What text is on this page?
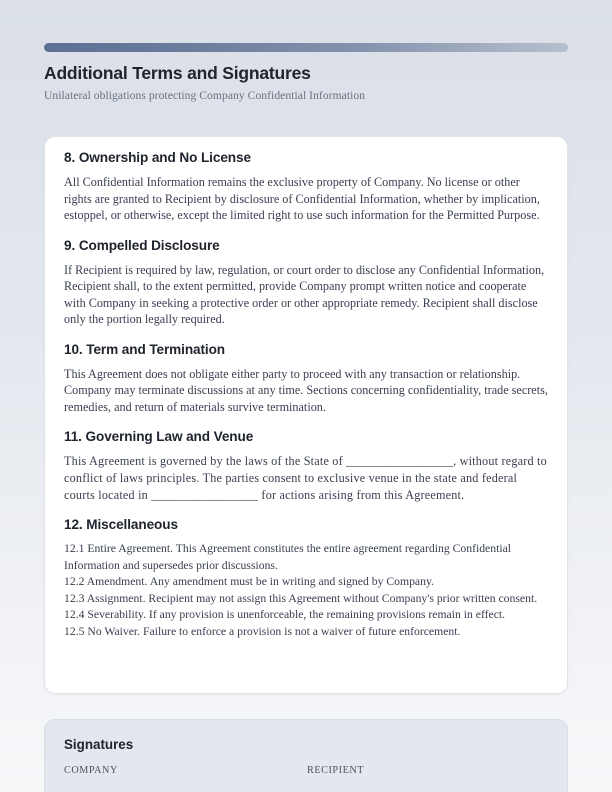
Additional Terms and Signatures

Unilateral obligations protecting Company Confidential Information

8. Ownership and No License

All Confidential Information remains the exclusive property of Company. No license or other rights are granted to Recipient by disclosure of Confidential Information, whether by implication, estoppel, or otherwise, except the limited right to use such information for the Permitted Purpose.

9. Compelled Disclosure

If Recipient is required by law, regulation, or court order to disclose any Confidential Information, Recipient shall, to the extent permitted, provide Company prompt written notice and cooperate with Company in seeking a protective order or other appropriate remedy. Recipient shall disclose only the portion legally required.

10. Term and Termination

This Agreement does not obligate either party to proceed with any transaction or relationship. Company may terminate discussions at any time. Sections concerning confidentiality, trade secrets, remedies, and return of materials survive termination.

11. Governing Law and Venue

This Agreement is governed by the laws of the State of _________________, without regard to conflict of laws principles. The parties consent to exclusive venue in the state and federal courts located in _________________ for actions arising from this Agreement.

12. Miscellaneous
12.1 Entire Agreement. This Agreement constitutes the entire agreement regarding Confidential Information and supersedes prior discussions.
12.2 Amendment. Any amendment must be in writing and signed by Company.
12.3 Assignment. Recipient may not assign this Agreement without Company's prior written consent.
12.4 Severability. If any provision is unenforceable, the remaining provisions remain in effect.
12.5 No Waiver. Failure to enforce a provision is not a waiver of future enforcement.
Signatures
COMPANY	RECIPIENT
